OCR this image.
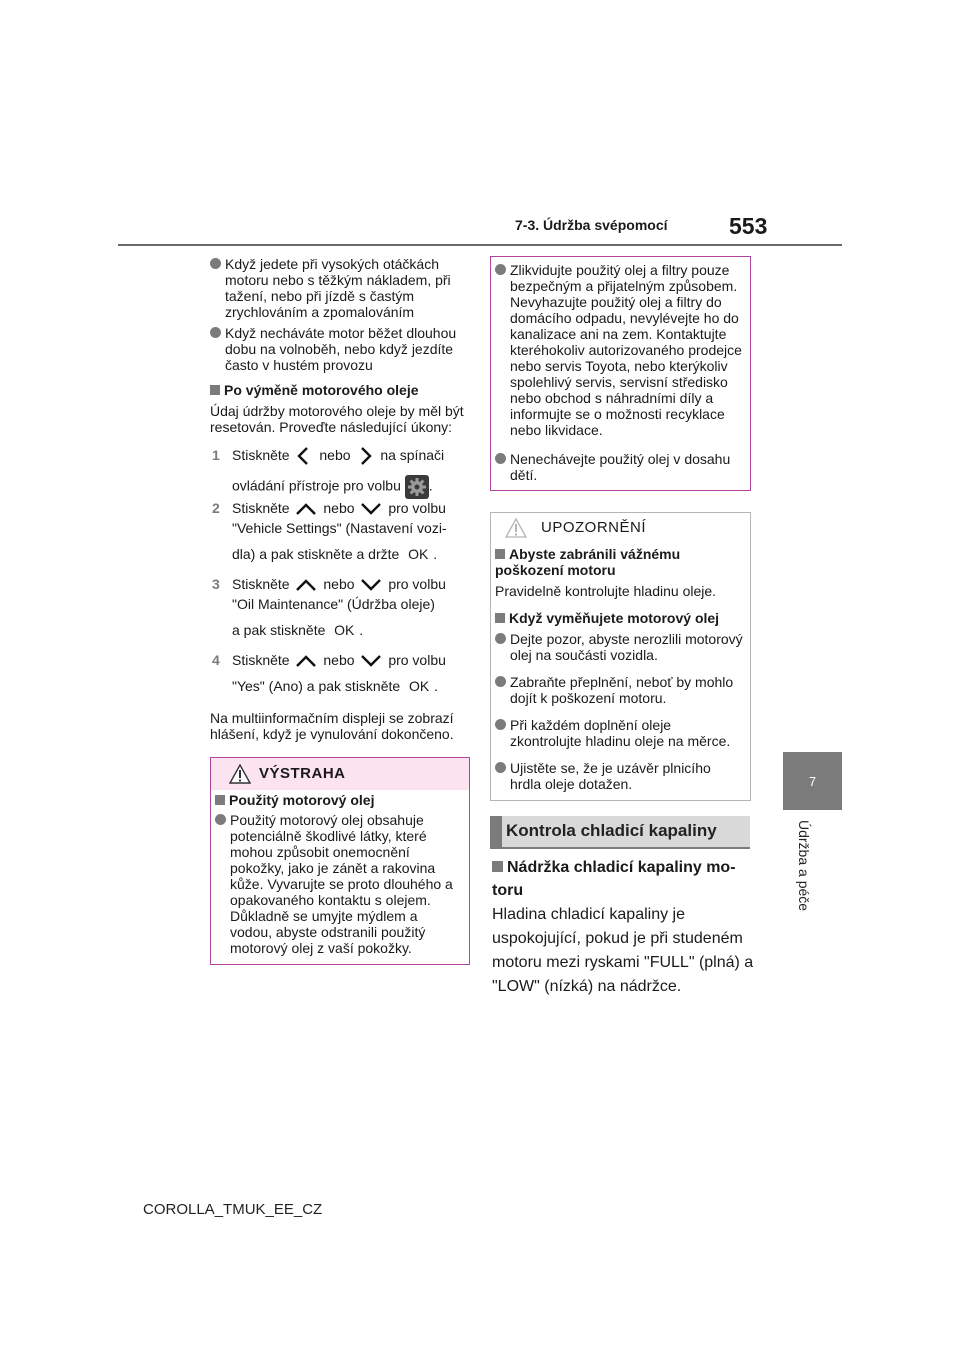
7-3. Údržba svépomocí	553
7
Údržba a péče
Když jedete při vysokých otáčkách motoru nebo s těžkým nákladem, při tažení, nebo při jízdě s častým zrychlováním a zpomalováním
Když necháváte motor běžet dlouhou dobu na volnoběh, nebo když jezdíte často v hustém provozu
Po výměně motorového oleje
Údaj údržby motorového oleje by měl být resetován. Proveďte následující úkony:
1 Stiskněte nebo na spínači
ovládání přístroje pro volbu .
2 Stiskněte nebo pro volbu
"Vehicle Settings" (Nastavení vozi-
dla) a pak stiskněte a držte OK .
3 Stiskněte nebo pro volbu
"Oil Maintenance" (Údržba oleje)
a pak stiskněte OK .
4 Stiskněte nebo pro volbu
"Yes" (Ano) a pak stiskněte OK .
Na multiinformačním displeji se zobrazí hlášení, když je vynulování dokončeno.
VÝSTRAHA
Použitý motorový olej
Použitý motorový olej obsahuje potenciálně škodlivé látky, které mohou způsobit onemocnění pokožky, jako je zánět a rakovina kůže. Vyvarujte se proto dlouhého a opakovaného kontaktu s olejem. Důkladně se umyjte mýdlem a vodou, abyste odstranili použitý motorový olej z vaší pokožky.
Zlikvidujte použitý olej a filtry pouze bezpečným a přijatelným způsobem. Nevyhazujte použitý olej a filtry do domácího odpadu, nevylévejte ho do kanalizace ani na zem. Kontaktujte kteréhokoliv autorizovaného prodejce nebo servis Toyota, nebo kterýkoliv spolehlivý servis, servisní středisko nebo obchod s náhradními díly a informujte se o možnosti recyklace nebo likvidace.
Nenechávejte použitý olej v dosahu dětí.
UPOZORNĚNÍ
Abyste zabránili vážnému poškození motoru
Pravidelně kontrolujte hladinu oleje.
Když vyměňujete motorový olej
Dejte pozor, abyste nerozlili motorový olej na součásti vozidla.
Zabraňte přeplnění, neboť by mohlo dojít k poškození motoru.
Při každém doplnění oleje zkontrolujte hladinu oleje na měrce.
Ujistěte se, že je uzávěr plnicího hrdla oleje dotažen.
Kontrola chladicí kapaliny
Nádržka chladicí kapaliny mo-toru
Hladina chladicí kapaliny je uspokojující, pokud je při studeném motoru mezi ryskami "FULL" (plná) a "LOW" (nízká) na nádržce.
COROLLA_TMUK_EE_CZ
